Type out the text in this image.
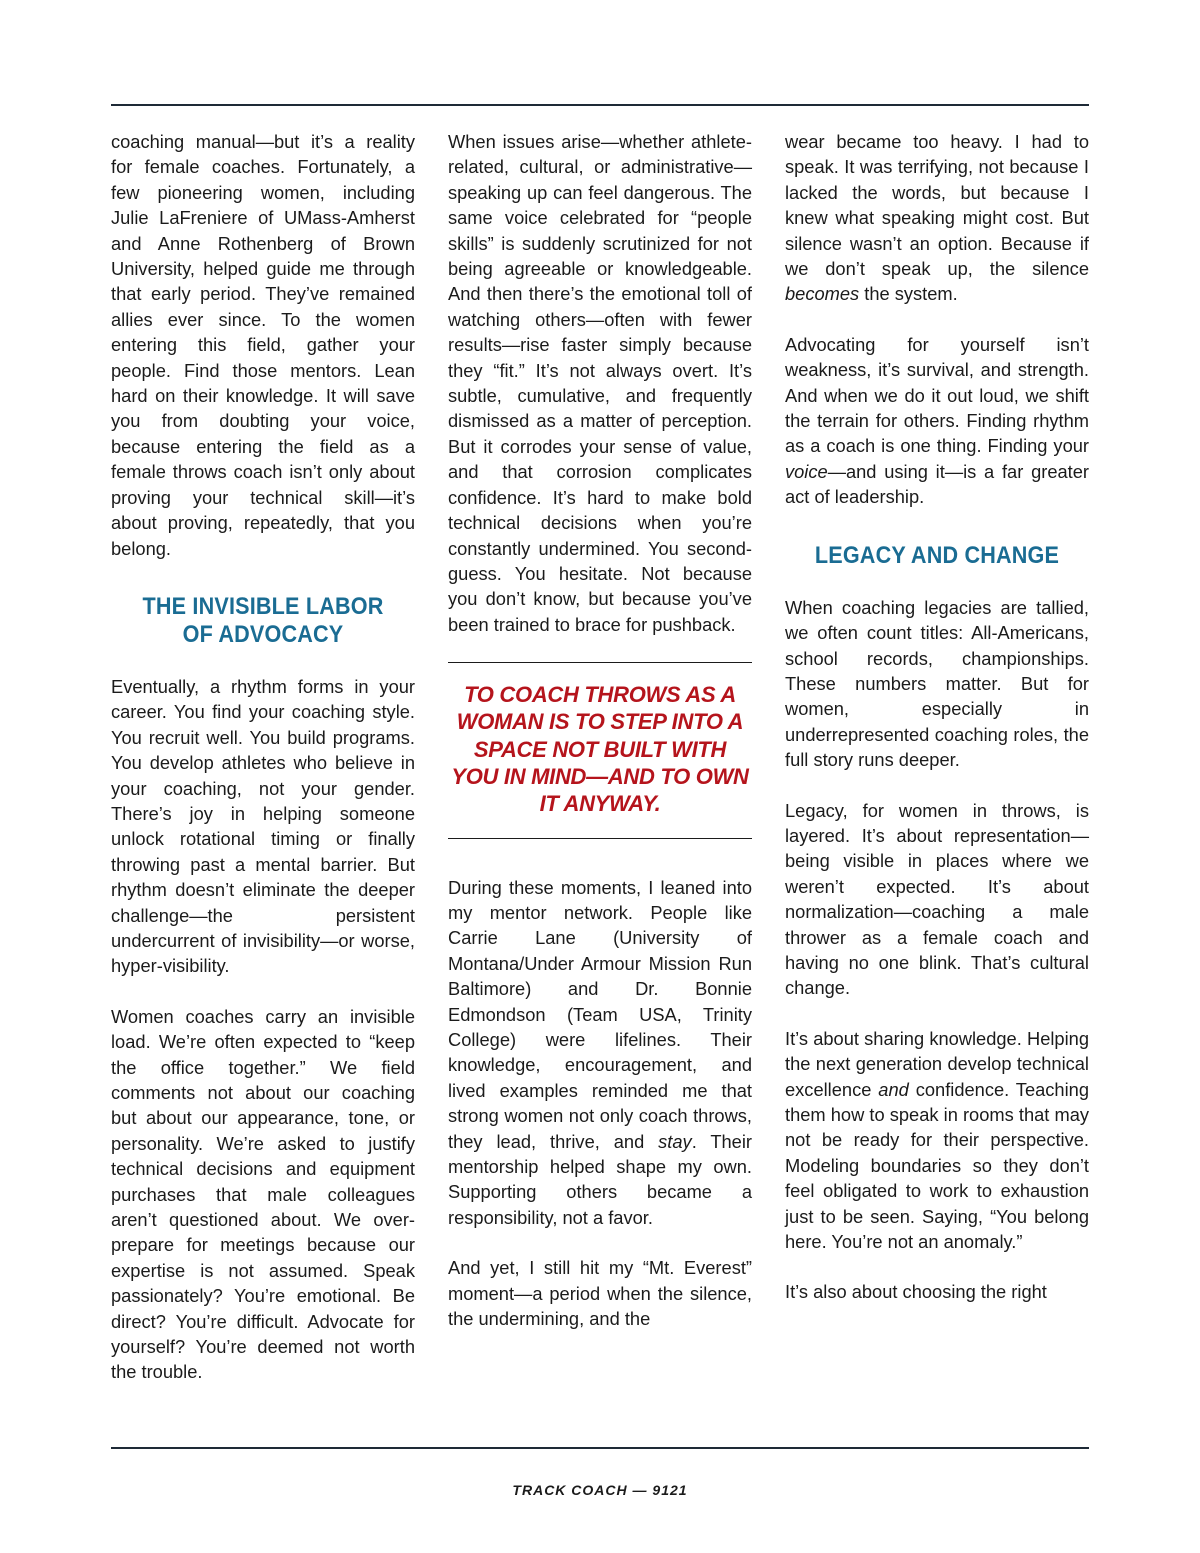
coaching manual—but it’s a reality for female coaches. Fortunately, a few pioneering women, including Julie LaFreniere of UMass-Amherst and Anne Rothenberg of Brown University, helped guide me through that early period. They’ve remained allies ever since. To the women entering this field, gather your people. Find those mentors. Lean hard on their knowledge. It will save you from doubting your voice, because entering the field as a female throws coach isn’t only about proving your technical skill—it’s about proving, repeatedly, that you belong.

THE INVISIBLE LABOR OF ADVOCACY

Eventually, a rhythm forms in your career. You find your coaching style. You recruit well. You build programs. You develop athletes who believe in your coaching, not your gender. There’s joy in helping someone unlock rotational timing or finally throwing past a mental barrier. But rhythm doesn’t eliminate the deeper challenge—the persistent undercurrent of invisibility—or worse, hyper-visibility.

Women coaches carry an invisible load. We’re often expected to “keep the office together.” We field comments not about our coaching but about our appearance, tone, or personality. We’re asked to justify technical decisions and equipment purchases that male colleagues aren’t questioned about. We over-prepare for meetings because our expertise is not assumed. Speak passionately? You’re emotional. Be direct? You’re difficult. Advocate for yourself? You’re deemed not worth the trouble.

When issues arise—whether athlete-related, cultural, or administrative—speaking up can feel dangerous. The same voice celebrated for “people skills” is suddenly scrutinized for not being agreeable or knowledgeable. And then there’s the emotional toll of watching others—often with fewer results—rise faster simply because they “fit.” It’s not always overt. It’s subtle, cumulative, and frequently dismissed as a matter of perception. But it corrodes your sense of value, and that corrosion complicates confidence. It’s hard to make bold technical decisions when you’re constantly undermined. You second-guess. You hesitate. Not because you don’t know, but because you’ve been trained to brace for pushback.

TO COACH THROWS AS A WOMAN IS TO STEP INTO A SPACE NOT BUILT WITH YOU IN MIND—AND TO OWN IT ANYWAY.

During these moments, I leaned into my mentor network. People like Carrie Lane (University of Montana/Under Armour Mission Run Baltimore) and Dr. Bonnie Edmondson (Team USA, Trinity College) were lifelines. Their knowledge, encouragement, and lived examples reminded me that strong women not only coach throws, they lead, thrive, and stay. Their mentorship helped shape my own. Supporting others became a responsibility, not a favor.

And yet, I still hit my “Mt. Everest” moment—a period when the silence, the undermining, and the

wear became too heavy. I had to speak. It was terrifying, not because I lacked the words, but because I knew what speaking might cost. But silence wasn’t an option. Because if we don’t speak up, the silence becomes the system.

Advocating for yourself isn’t weakness, it’s survival, and strength. And when we do it out loud, we shift the terrain for others. Finding rhythm as a coach is one thing. Finding your voice—and using it—is a far greater act of leadership.

LEGACY AND CHANGE

When coaching legacies are tallied, we often count titles: All-Americans, school records, championships. These numbers matter. But for women, especially in underrepresented coaching roles, the full story runs deeper.

Legacy, for women in throws, is layered. It’s about representation—being visible in places where we weren’t expected. It’s about normalization—coaching a male thrower as a female coach and having no one blink. That’s cultural change.

It’s about sharing knowledge. Helping the next generation develop technical excellence and confidence. Teaching them how to speak in rooms that may not be ready for their perspective. Modeling boundaries so they don’t feel obligated to work to exhaustion just to be seen. Saying, “You belong here. You’re not an anomaly.”

It’s also about choosing the right

TRACK COACH — 9121
